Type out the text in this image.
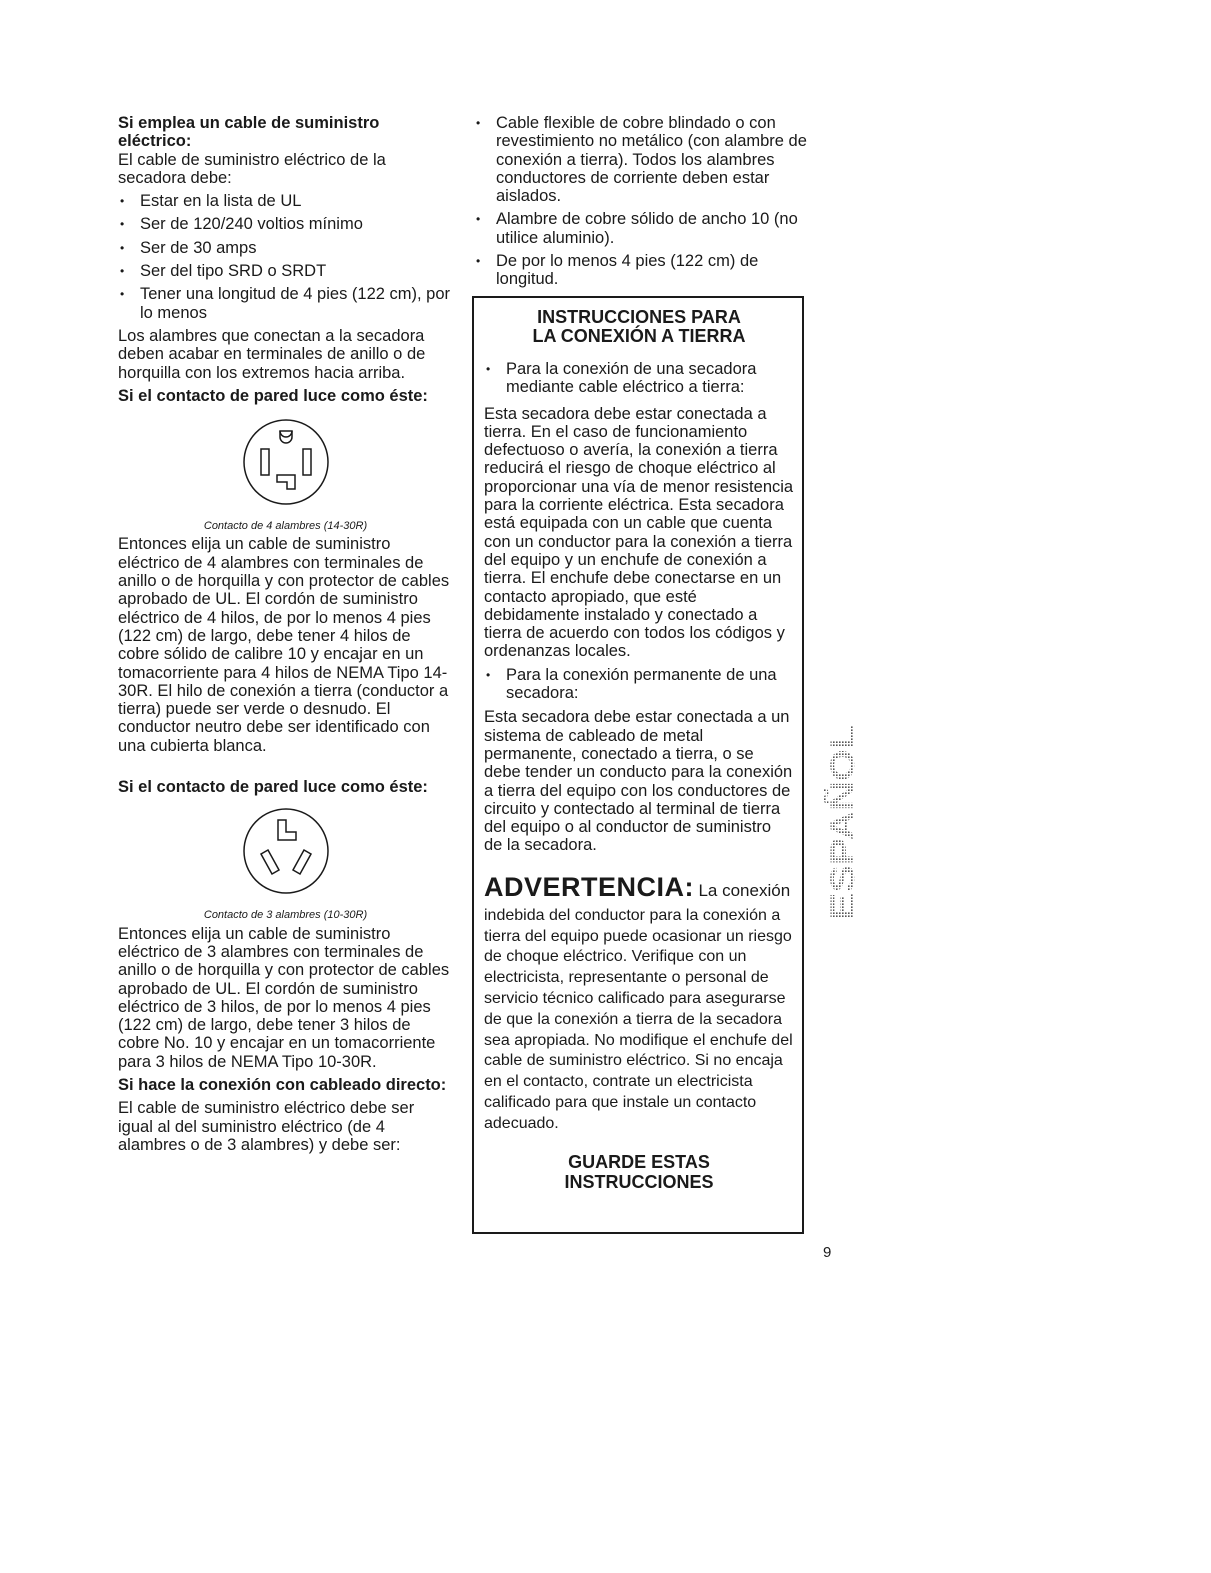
Si emplea un cable de suministro eléctrico:

El cable de suministro eléctrico de la secadora debe:

• Estar en la lista de UL
• Ser de 120/240 voltios mínimo
• Ser de 30 amps
• Ser del tipo SRD o SRDT
• Tener una longitud de 4 pies (122 cm), por lo menos

Los alambres que conectan a la secadora deben acabar en terminales de anillo o de horquilla con los extremos hacia arriba.

Si el contacto de pared luce como éste:
Contacto de 4 alambres (14-30R)

Entonces elija un cable de suministro eléctrico de 4 alambres con terminales de anillo o de horquilla y con protector de cables aprobado de UL. El cordón de suministro eléctrico de 4 hilos, de por lo menos 4 pies (122 cm) de largo, debe tener 4 hilos de cobre sólido de calibre 10 y encajar en un tomacorriente para 4 hilos de NEMA Tipo 14-30R. El hilo de conexión a tierra (conductor a tierra) puede ser verde o desnudo. El conductor neutro debe ser identificado con una cubierta blanca.

Si el contacto de pared luce como éste:
Contacto de 3 alambres (10-30R)

Entonces elija un cable de suministro eléctrico de 3 alambres con terminales de anillo o de horquilla y con protector de cables aprobado de UL. El cordón de suministro eléctrico de 3 hilos, de por lo menos 4 pies (122 cm) de largo, debe tener 3 hilos de cobre No. 10 y encajar en un tomacorriente para 3 hilos de NEMA Tipo 10-30R.

Si hace la conexión con cableado directo:

El cable de suministro eléctrico debe ser igual al del suministro eléctrico (de 4 alambres o de 3 alambres) y debe ser:

• Cable flexible de cobre blindado o con revestimiento no metálico (con alambre de conexión a tierra). Todos los alambres conductores de corriente deben estar aislados.
• Alambre de cobre sólido de ancho 10 (no utilice aluminio).
• De por lo menos 4 pies (122 cm) de longitud.
INSTRUCCIONES PARA
LA CONEXIÓN A TIERRA
• Para la conexión de una secadora mediante cable eléctrico a tierra:

Esta secadora debe estar conectada a tierra. En el caso de funcionamiento defectuoso o avería, la conexión a tierra reducirá el riesgo de choque eléctrico al proporcionar una vía de menor resistencia para la corriente eléctrica. Esta secadora está equipada con un cable que cuenta con un conductor para la conexión a tierra del equipo y un enchufe de conexión a tierra. El enchufe debe conectarse en un contacto apropiado, que esté debidamente instalado y conectado a tierra de acuerdo con todos los códigos y ordenanzas locales.

• Para la conexión permanente de una secadora:

Esta secadora debe estar conectada a un sistema de cableado de metal permanente, conectado a tierra, o se debe tender un conducto para la conexión a tierra del equipo con los conductores de circuito y contectado al terminal de tierra del equipo o al conductor de suministro de la secadora.

ADVERTENCIA: La conexión

indebida del conductor para la conexión a tierra del equipo puede ocasionar un riesgo de choque eléctrico. Verifique con un electricista, representante o personal de servicio técnico calificado para asegurarse de que la conexión a tierra de la secadora sea apropiada. No modifique el enchufe del cable de suministro eléctrico. Si no encaja en el contacto, contrate un electricista calificado para que instale un contacto adecuado.

GUARDE ESTAS
INSTRUCCIONES
ESPAÑOL
9
